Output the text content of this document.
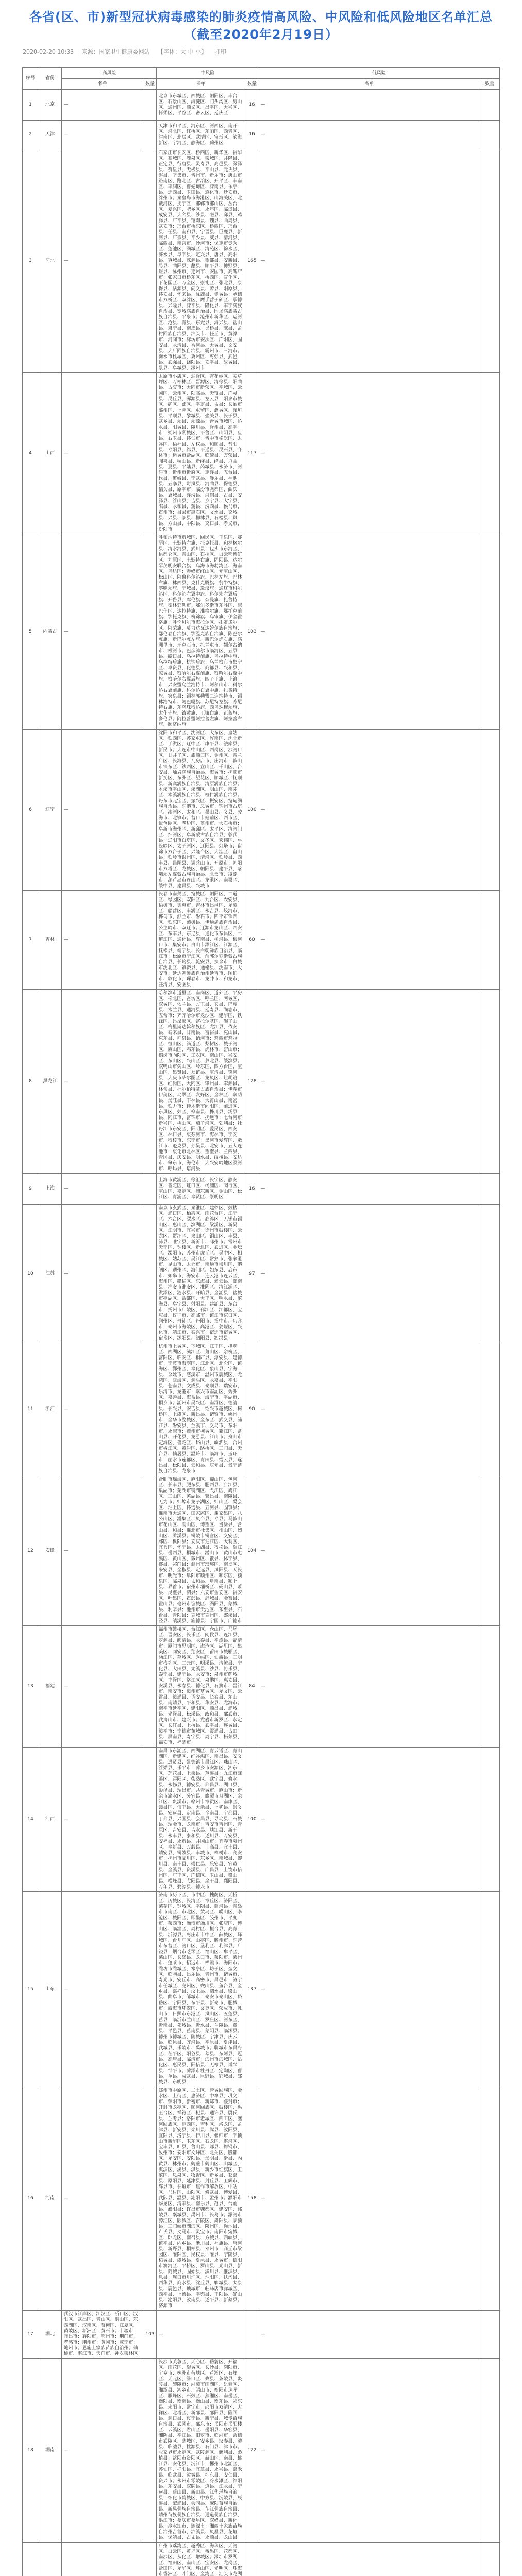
各省(区、市)新型冠状病毒感染的肺炎疫情高风险、中风险和低风险地区名单汇总
（截至2020年2月19日）
2020-02-20 10:33 来源：国家卫生健康委网站 【字体：大 中 小】 打印
序号	省份	高风险		中风险		低风险	
		名单	数量	名单	数量	名单	数量
1	北京	—		北京市东城区、西城区、朝阳区、丰台区、石景山区、海淀区、门头沟区、房山区、通州区、顺义区、昌平区、大兴区、怀柔区、平谷区、密云区、延庆区	16	—	
2	天津	—		天津市和平区、河东区、河西区、南开区、河北区、红桥区、东丽区、西青区、津南区、北辰区、武清区、宝坻区、滨海新区、宁河区、静海区、蓟州区	16	—	
3	河北	—		石家庄市长安区、桥西区、新华区、裕华区、藁城区、鹿泉区、栾城区、井陉县、正定县、行唐县、灵寿县、高邑县、深泽县、赞皇县、无极县、平山县、元氏县、赵县、辛集市、晋州市、新乐市；唐山市路南区、路北区、古冶区、开平区、丰南区、丰润区、曹妃甸区、滦南县、乐亭县、迁西县、玉田县、遵化市、迁安市、滦州市；秦皇岛市海港区、山海关区、北戴河区、抚宁区；邯郸市邯山区、丛台区、复兴区、肥乡区、永年区、临漳县、成安县、大名县、涉县、磁县、邱县、鸡泽县、广平县、馆陶县、魏县、曲周县、武安市；邢台市桥东区、桥西区、邢台县、任县、南和县、宁晋县、巨鹿县、新河县、广宗县、平乡县、威县、清河县、临西县、南宫市、沙河市；保定市竞秀区、莲池区、满城区、清苑区、徐水区、涞水县、阜平县、定兴县、唐县、高阳县、容城县、涞源县、望都县、安新县、易县、曲阳县、蠡县、顺平县、博野县、雄县、涿州市、定州市、安国市、高碑店市；张家口市桥东区、桥西区、宣化区、下花园区、万全区、崇礼区、张北县、康保县、沽源县、尚义县、蔚县、阳原县、怀安县、怀来县、涿鹿县、赤城县；承德市双桥区、双滦区、鹰手营子矿区、承德县、兴隆县、滦平县、隆化县、丰宁满族自治县、宽城满族自治县、围场满族蒙古族自治县、平泉市；沧州市新华区、运河区、沧县、青县、东光县、海兴县、盐山县、肃宁县、南皮县、吴桥县、献县、孟村回族自治县、泊头市、任丘市、黄骅市、河间市；廊坊市安次区、广阳区、固安县、永清县、香河县、大城县、文安县、大厂回族自治县、霸州市、三河市；衡水市桃城区、冀州区、枣强县、武邑县、武强县、饶阳县、安平县、故城县、景县、阜城县、深州市	165	—	
4	山西	—		太原市小店区、迎泽区、杏花岭区、尖草坪区、万柏林区、晋源区、清徐县、阳曲县、古交市；大同市新荣区、平城区、云冈区、云州区、阳高县、天镇县、广灵县、灵丘县、浑源县、左云县；阳泉市城区、矿区、郊区、平定县、盂县；长治市潞州区、上党区、屯留区、潞城区、襄垣县、平顺县、黎城县、壶关县、长子县、武乡县、沁县、沁源县；晋城市城区、沁水县、阳城县、陵川县、泽州县、高平市；朔州市朔城区、平鲁区、山阴县、应县、右玉县、怀仁市；晋中市榆次区、太谷区、榆社县、左权县、和顺县、昔阳县、寿阳县、祁县、平遥县、灵石县、介休市；运城市盐湖区、临猗县、万荣县、闻喜县、稷山县、新绛县、绛县、垣曲县、夏县、平陆县、芮城县、永济市、河津市；忻州市忻府区、定襄县、五台县、代县、繁峙县、宁武县、静乐县、神池县、五寨县、岢岚县、河曲县、保德县、偏关县、原平市；临汾市尧都区、曲沃县、翼城县、襄汾县、洪洞县、古县、安泽县、浮山县、吉县、乡宁县、大宁县、隰县、永和县、蒲县、汾西县、侯马市、霍州市；吕梁市离石区、文水县、交城县、兴县、临县、柳林县、石楼县、岚县、方山县、中阳县、交口县、孝义市、汾阳市	117	—	
5	内蒙古	—		呼和浩特市新城区、回民区、玉泉区、赛罕区、土默特左旗、托克托县、和林格尔县、清水河县、武川县；包头市东河区、昆都仑区、青山区、石拐区、白云鄂博矿区、九原区、土默特右旗、固阳县、达尔罕茂明安联合旗；乌海市海勃湾区、海南区、乌达区；赤峰市红山区、元宝山区、松山区、阿鲁科尔沁旗、巴林左旗、巴林右旗、林西县、克什克腾旗、翁牛特旗、喀喇沁旗、宁城县、敖汉旗；通辽市科尔沁区、科尔沁左翼中旗、科尔沁左翼后旗、开鲁县、库伦旗、奈曼旗、扎鲁特旗、霍林郭勒市；鄂尔多斯市东胜区、康巴什区、达拉特旗、准格尔旗、鄂托克前旗、鄂托克旗、杭锦旗、乌审旗、伊金霍洛旗；呼伦贝尔市海拉尔区、扎赉诺尔区、阿荣旗、莫力达瓦达斡尔族自治旗、鄂伦春自治旗、鄂温克族自治旗、陈巴尔虎旗、新巴尔虎左旗、新巴尔虎右旗、满洲里市、牙克石市、扎兰屯市、额尔古纳市、根河市；巴彦淖尔市临河区、五原县、磴口县、乌拉特前旗、乌拉特中旗、乌拉特后旗、杭锦后旗；乌兰察布市集宁区、卓资县、化德县、商都县、兴和县、凉城县、察哈尔右翼前旗、察哈尔右翼中旗、察哈尔右翼后旗、四子王旗、丰镇市；兴安盟乌兰浩特市、阿尔山市、科尔沁右翼前旗、科尔沁右翼中旗、扎赉特旗、突泉县；锡林郭勒盟二连浩特市、锡林浩特市、阿巴嘎旗、苏尼特左旗、苏尼特右旗、东乌珠穆沁旗、西乌珠穆沁旗、太仆寺旗、镶黄旗、正镶白旗、正蓝旗、多伦县；阿拉善盟阿拉善左旗、阿拉善右旗、额济纳旗	103	—	
6	辽宁	—		沈阳市和平区、沈河区、大东区、皇姑区、铁西区、苏家屯区、浑南区、沈北新区、于洪区、辽中区、康平县、法库县、新民市；大连市中山区、西岗区、沙河口区、甘井子区、旅顺口区、金州区、普兰店区、长海县、瓦房店市、庄河市；鞍山市铁东区、铁西区、立山区、千山区、台安县、岫岩满族自治县、海城市；抚顺市新抚区、东洲区、望花区、顺城区、抚顺县、新宾满族自治县、清原满族自治县；本溪市平山区、溪湖区、明山区、南芬区、本溪满族自治县、桓仁满族自治县；丹东市元宝区、振兴区、振安区、宽甸满族自治县、东港市、凤城市；锦州市古塔区、凌河区、太和区、黑山县、义县、凌海市、北镇市；营口市站前区、西市区、鲅鱼圈区、老边区、盖州市、大石桥市；阜新市海州区、新邱区、太平区、清河门区、细河区、阜新蒙古族自治县、彰武县；辽阳市白塔区、文圣区、宏伟区、弓长岭区、太子河区、辽阳县、灯塔市；盘锦市双台子区、兴隆台区、大洼区、盘山县；铁岭市银州区、清河区、铁岭县、西丰县、昌图县、调兵山市、开原市；朝阳市双塔区、龙城区、朝阳县、建平县、喀喇沁左翼蒙古族自治县、北票市、凌源市；葫芦岛市连山区、龙港区、南票区、绥中县、建昌县、兴城市	100	—	
7	吉林	—		长春市南关区、宽城区、朝阳区、二道区、绿园区、双阳区、九台区、农安县、榆树市、德惠市；吉林市昌邑区、龙潭区、船营区、丰满区、永吉县、蛟河市、桦甸市、舒兰市、磐石市；四平市铁西区、铁东区、梨树县、伊通满族自治县、公主岭市、双辽市；辽源市龙山区、西安区、东丰县、东辽县；通化市东昌区、二道江区、通化县、辉南县、柳河县、梅河口市、集安市；白山市浑江区、江源区、抚松县、靖宇县、长白朝鲜族自治县、临江市；松原市宁江区、前郭尔罗斯蒙古族自治县、长岭县、乾安县、扶余市；白城市洮北区、镇赉县、通榆县、洮南市、大安市；延边朝鲜族自治州延吉市、图们市、敦化市、珲春市、龙井市、和龙市、汪清县、安图县	60	—	
8	黑龙江	—		哈尔滨市道里区、南岗区、道外区、平房区、松北区、香坊区、呼兰区、阿城区、双城区、依兰县、方正县、宾县、巴彦县、木兰县、通河县、延寿县、尚志市、五常市；齐齐哈尔市龙沙区、建华区、铁锋区、昂昂溪区、富拉尔基区、碾子山区、梅里斯达斡尔族区、龙江县、依安县、泰来县、甘南县、富裕县、克山县、克东县、拜泉县、讷河市；鸡西市鸡冠区、恒山区、滴道区、梨树区、城子河区、麻山区、鸡东县、虎林市、密山市；鹤岗市向阳区、工农区、南山区、兴安区、东山区、兴山区、萝北县、绥滨县；双鸭山市尖山区、岭东区、四方台区、宝山区、集贤县、友谊县、宝清县、饶河县；大庆市萨尔图区、龙凤区、让胡路区、红岗区、大同区、肇州县、肇源县、林甸县、杜尔伯特蒙古族自治县；伊春市伊美区、乌翠区、友好区、金林区、嘉荫县、汤旺县、丰林县、大箐山县、南岔县、铁力市；佳木斯市向阳区、前进区、东风区、郊区、桦南县、桦川县、汤原县、同江市、富锦市、抚远市；七台河市新兴区、桃山区、茄子河区、勃利县；牡丹江市东安区、阳明区、爱民区、西安区、林口县、绥芬河市、海林市、宁安市、穆棱市、东宁市；黑河市爱辉区、嫩江市、逊克县、孙吴县、北安市、五大连池市；绥化市北林区、望奎县、兰西县、青冈县、庆安县、明水县、绥棱县、安达市、肇东市、海伦市；大兴安岭地区漠河市、呼玛县、塔河县	128	—	
9	上海	—		上海市黄浦区、徐汇区、长宁区、静安区、普陀区、虹口区、杨浦区、闵行区、宝山区、嘉定区、浦东新区、金山区、松江区、青浦区、奉贤区、崇明区	16	—	
10	江苏	—		南京市玄武区、秦淮区、建邺区、鼓楼区、浦口区、栖霞区、雨花台区、江宁区、六合区、溧水区、高淳区；无锡市锡山区、惠山区、滨湖区、梁溪区、新吴区、江阴市、宜兴市；徐州市鼓楼区、云龙区、贾汪区、泉山区、铜山区、丰县、沛县、睢宁县、新沂市、邳州市；常州市天宁区、钟楼区、新北区、武进区、金坛区、溧阳市；苏州市虎丘区、吴中区、相城区、姑苏区、吴江区、常熟市、张家港市、昆山市、太仓市；南通市崇川区、港闸区、通州区、海门区、如东县、启东市、如皋市、海安市；连云港市连云区、海州区、赣榆区、东海县、灌云县、灌南县；淮安市淮安区、淮阴区、清江浦区、洪泽区、涟水县、盱眙县、金湖县；盐城市亭湖区、盐都区、大丰区、响水县、滨海县、阜宁县、射阳县、建湖县、东台市；扬州市广陵区、邗江区、江都区、宝应县、仪征市、高邮市；镇江市京口区、润州区、丹徒区、丹阳市、扬中市、句容市；泰州市海陵区、高港区、姜堰区、兴化市、靖江市、泰兴市；宿迁市宿城区、宿豫区、沭阳县、泗阳县、泗洪县	97	—	
11	浙江	—		杭州市上城区、下城区、江干区、拱墅区、西湖区、滨江区、萧山区、余杭区、富阳区、临安区、桐庐县、淳安县、建德市；宁波市海曙区、江北区、北仑区、镇海区、鄞州区、奉化区、象山县、宁海县、余姚市、慈溪市；温州市鹿城区、龙湾区、瓯海区、洞头区、永嘉县、平阳县、苍南县、文成县、泰顺县、瑞安市、乐清市、龙港市；嘉兴市南湖区、秀洲区、嘉善县、海盐县、海宁市、平湖市、桐乡市；湖州市吴兴区、南浔区、德清县、长兴县、安吉县；绍兴市越城区、柯桥区、上虞区、新昌县、诸暨市、嵊州市；金华市婺城区、金东区、武义县、浦江县、磐安县、兰溪市、义乌市、东阳市、永康市；衢州市柯城区、衢江区、常山县、开化县、龙游县、江山市；舟山市定海区、普陀区、岱山县、嵊泗县；台州市椒江区、黄岩区、路桥区、三门县、天台县、仙居县、温岭市、临海市、玉环市；丽水市莲都区、青田县、缙云县、遂昌县、松阳县、云和县、庆元县、景宁畲族自治县、龙泉市	90	—	
12	安徽	—		合肥市瑶海区、庐阳区、蜀山区、包河区、长丰县、肥东县、肥西县、庐江县、巢湖市；芜湖市镜湖区、弋江区、鸠江区、三山区、芜湖县、繁昌县、南陵县、无为市；蚌埠市龙子湖区、蚌山区、禹会区、淮上区、怀远县、五河县、固镇县；淮南市大通区、田家庵区、谢家集区、八公山区、潘集区、凤台县、寿县；马鞍山市花山区、雨山区、博望区、当涂县、含山县、和县；淮北市杜集区、相山区、烈山区、濉溪县；铜陵市铜官区、义安区、郊区、枞阳县；安庆市迎江区、大观区、宜秀区、怀宁县、太湖县、宿松县、望江县、岳西县、桐城市、潜山市；黄山市屯溪区、黄山区、徽州区、歙县、休宁县、黟县、祁门县；滁州市琅琊区、南谯区、来安县、全椒县、定远县、凤阳县、天长市、明光市；阜阳市颍州区、颍东区、颍泉区、临泉县、太和县、阜南县、颍上县、界首市；宿州市埇桥区、砀山县、萧县、灵璧县、泗县；六安市金安区、裕安区、叶集区、霍邱县、舒城县、金寨县、霍山县；亳州市谯城区、涡阳县、蒙城县、利辛县；池州市贵池区、东至县、石台县、青阳县；宣城市宣州区、郎溪县、泾县、绩溪县、旌德县、宁国市、广德市	104	—	
13	福建	—		福州市鼓楼区、台江区、仓山区、马尾区、晋安区、长乐区、闽侯县、连江县、罗源县、闽清县、永泰县、平潭县、福清市；厦门市思明区、海沧区、湖里区、集美区、同安区、翔安区；莆田市城厢区、涵江区、荔城区、秀屿区、仙游县；三明市梅列区、三元区、明溪县、清流县、宁化县、大田县、尤溪县、沙县、将乐县、泰宁县、建宁县、永安市；泉州市鲤城区、丰泽区、洛江区、泉港区、惠安县、安溪县、永春县、德化县、石狮市、晋江市、南安市；漳州市芗城区、龙文区、云霄县、漳浦县、诏安县、长泰县、东山县、南靖县、平和县、华安县、龙海市；南平市延平区、建阳区、顺昌县、浦城县、光泽县、松溪县、政和县、邵武市、武夷山市、建瓯市；龙岩市新罗区、永定区、长汀县、上杭县、武平县、连城县、漳平市；宁德市蕉城区、霞浦县、古田县、屏南县、寿宁县、周宁县、柘荣县、福安市、福鼎市	84	—	
14	江西	—		南昌市东湖区、西湖区、青云谱区、青山湖区、新建区、红谷滩区、南昌县、安义县、进贤县；景德镇市昌江区、珠山区、浮梁县、乐平市；萍乡市安源区、湘东区、莲花县、上栗县、芦溪县；九江市濂溪区、浔阳区、柴桑区、武宁县、修水县、永修县、德安县、都昌县、湖口县、彭泽县、瑞昌市、共青城市、庐山市；新余市渝水区、分宜县；鹰潭市月湖区、余江区、贵溪市；赣州市章贡区、南康区、赣县区、信丰县、大余县、上犹县、崇义县、安远县、定南县、全南县、宁都县、于都县、兴国县、会昌县、寻乌县、石城县、瑞金市、龙南市；吉安市吉州区、青原区、吉安县、吉水县、峡江县、新干县、永丰县、泰和县、遂川县、万安县、安福县、永新县、井冈山市；宜春市袁州区、奉新县、万载县、上高县、宜丰县、靖安县、铜鼓县、丰城市、樟树市、高安市；抚州市临川区、东乡区、南城县、黎川县、南丰县、崇仁县、乐安县、宜黄县、金溪县、资溪县、广昌县；上饶市信州区、广丰区、广信区、玉山县、铅山县、横峰县、弋阳县、余干县、鄱阳县、万年县、婺源县、德兴市	100	—	
15	山东	—		济南市历下区、市中区、槐荫区、天桥区、历城区、长清区、章丘区、济阳区、莱芜区、钢城区、平阴县、商河县；青岛市市南区、市北区、黄岛区、崂山区、李沧区、城阳区、即墨区、胶州市、平度市、莱西市；淄博市淄川区、张店区、博山区、临淄区、周村区、桓台县、高青县、沂源县；枣庄市市中区、薛城区、峄城区、台儿庄区、山亭区、滕州市；东营市东营区、河口区、垦利区、利津县、广饶县；烟台市芝罘区、福山区、牟平区、莱山区、长岛县、龙口市、莱阳市、莱州市、蓬莱市、招远市、栖霞市、海阳市；潍坊市潍城区、寒亭区、坊子区、奎文区、临朐县、昌乐县、青州市、诸城市、寿光市、安丘市、高密市、昌邑市；济宁市任城区、兖州区、微山县、鱼台县、金乡县、嘉祥县、汶上县、泗水县、梁山县、曲阜市、邹城市；泰安市泰山区、岱岳区、宁阳县、东平县、新泰市、肥城市；威海市环翠区、文登区、荣成市、乳山市；日照市东港区、岚山区、五莲县、莒县；临沂市兰山区、罗庄区、河东区、沂南县、郯城县、沂水县、兰陵县、费县、平邑县、莒南县、蒙阴县、临沭县；德州市德城区、陵城区、宁津县、庆云县、临邑县、齐河县、平原县、夏津县、武城县、乐陵市、禹城市；聊城市东昌府区、茌平区、阳谷县、莘县、东阿县、冠县、高唐县、临清市；滨州市滨城区、沾化区、惠民县、阳信县、无棣县、博兴县、邹平市；菏泽市牡丹区、定陶区、曹县、单县、成武县、巨野县、郓城县、鄄城县、东明县	137	—	
16	河南	—		郑州市中原区、二七区、管城回族区、金水区、上街区、惠济区、中牟县、巩义市、荥阳市、新密市、新郑市、登封市；开封市龙亭区、顺河回族区、鼓楼区、禹王台区、祥符区、杞县、通许县、尉氏县、兰考县；洛阳市老城区、西工区、瀍河回族区、涧西区、吉利区、洛龙区、孟津县、新安县、栾川县、嵩县、汝阳县、宜阳县、洛宁县、伊川县、偃师市；平顶山市新华区、卫东区、石龙区、湛河区、宝丰县、叶县、鲁山县、郏县、舞钢市、汝州市；安阳市文峰区、北关区、殷都区、龙安区、安阳县、汤阴县、滑县、内黄县、林州市；鹤壁市鹤山区、山城区、淇滨区、浚县、淇县；新乡市红旗区、卫滨区、凤泉区、牧野区、新乡县、获嘉县、原阳县、延津县、封丘县、卫辉市、辉县市、长垣市；焦作市解放区、中站区、马村区、山阳区、修武县、博爱县、武陟县、温县、沁阳市、孟州市；濮阳市华龙区、清丰县、南乐县、范县、台前县、濮阳县；许昌市魏都区、建安区、鄢陵县、襄城县、禹州市、长葛市；漯河市源汇区、郾城区、召陵区、舞阳县、临颍县；三门峡市湖滨区、陕州区、渑池县、卢氏县、义马市、灵宝市；南阳市宛城区、卧龙区、南召县、方城县、西峡县、镇平县、内乡县、淅川县、社旗县、唐河县、新野县、桐柏县、邓州市；商丘市梁园区、睢阳区、民权县、睢县、宁陵县、柘城县、虞城县、夏邑县、永城市；信阳市浉河区、平桥区、罗山县、光山县、新县、商城县、固始县、潢川县、淮滨县、息县；周口市川汇区、淮阳区、扶沟县、西华县、商水县、沈丘县、郸城县、太康县、鹿邑县、项城市；驻马店市驿城区、西平县、上蔡县、平舆县、正阳县、确山县、泌阳县、汝南县、遂平县、新蔡县；济源市	158	—	
17	湖北	武汉市江岸区、江汉区、硚口区、汉阳区、武昌区、青山区、洪山区、东西湖区、汉南区、蔡甸区、江夏区、黄陂区、新洲区；黄石市；十堰市；宜昌市；襄阳市；鄂州市；荆门市；孝感市；荆州市；黄冈市；咸宁市；随州市；恩施土家族苗族自治州；仙桃市、潜江市、天门市、神农架林区	103	—		—	
18	湖南	—		长沙市芙蓉区、天心区、岳麓区、开福区、雨花区、望城区、长沙县、浏阳市、宁乡市；株洲市荷塘区、芦淞区、石峰区、天元区、渌口区、攸县、茶陵县、炎陵县、醴陵市；湘潭市雨湖区、岳塘区、湘潭县、湘乡市、韶山市；衡阳市珠晖区、雁峰区、石鼓区、蒸湘区、南岳区、衡阳县、衡南县、衡山县、衡东县、祁东县、耒阳市、常宁市；邵阳市双清区、大祥区、北塔区、新邵县、邵阳县、隆回县、洞口县、绥宁县、新宁县、城步苗族自治县、武冈市、邵东市；岳阳市岳阳楼区、云溪区、君山区、岳阳县、华容县、湘阴县、平江县、汨罗市、临湘市；常德市武陵区、鼎城区、安乡县、汉寿县、澧县、临澧县、桃源县、石门县、津市市；张家界市永定区、武陵源区、慈利县、桑植县；益阳市资阳区、赫山区、南县、桃江县、安化县、沅江市；郴州市北湖区、苏仙区、桂阳县、宜章县、永兴县、嘉禾县、临武县、汝城县、桂东县、安仁县、资兴市；永州市零陵区、冷水滩区、祁阳县、东安县、双牌县、道县、江永县、宁远县、蓝山县、新田县、江华瑶族自治县；怀化市鹤城区、中方县、沅陵县、辰溪县、溆浦县、会同县、麻阳苗族自治县、新晃侗族自治县、芷江侗族自治县、靖州苗族侗族自治县、通道侗族自治县、洪江市；娄底市娄星区、双峰县、新化县、冷水江市、涟源市；湘西土家族苗族自治州吉首市、泸溪县、凤凰县、花垣县、保靖县、古丈县、永顺县、龙山县	122	—	
				广州市荔湾区、越秀区、海珠区、天河区、白云区、黄埔区、番禺区、花都区、南沙区、从化区、增城区；深圳市罗湖区、福田区、南山区、宝安区、龙岗区、盐田区、龙华区、坪山区、光明区；珠海市香洲区、斗门区、金湾区；汕头市龙湖			
